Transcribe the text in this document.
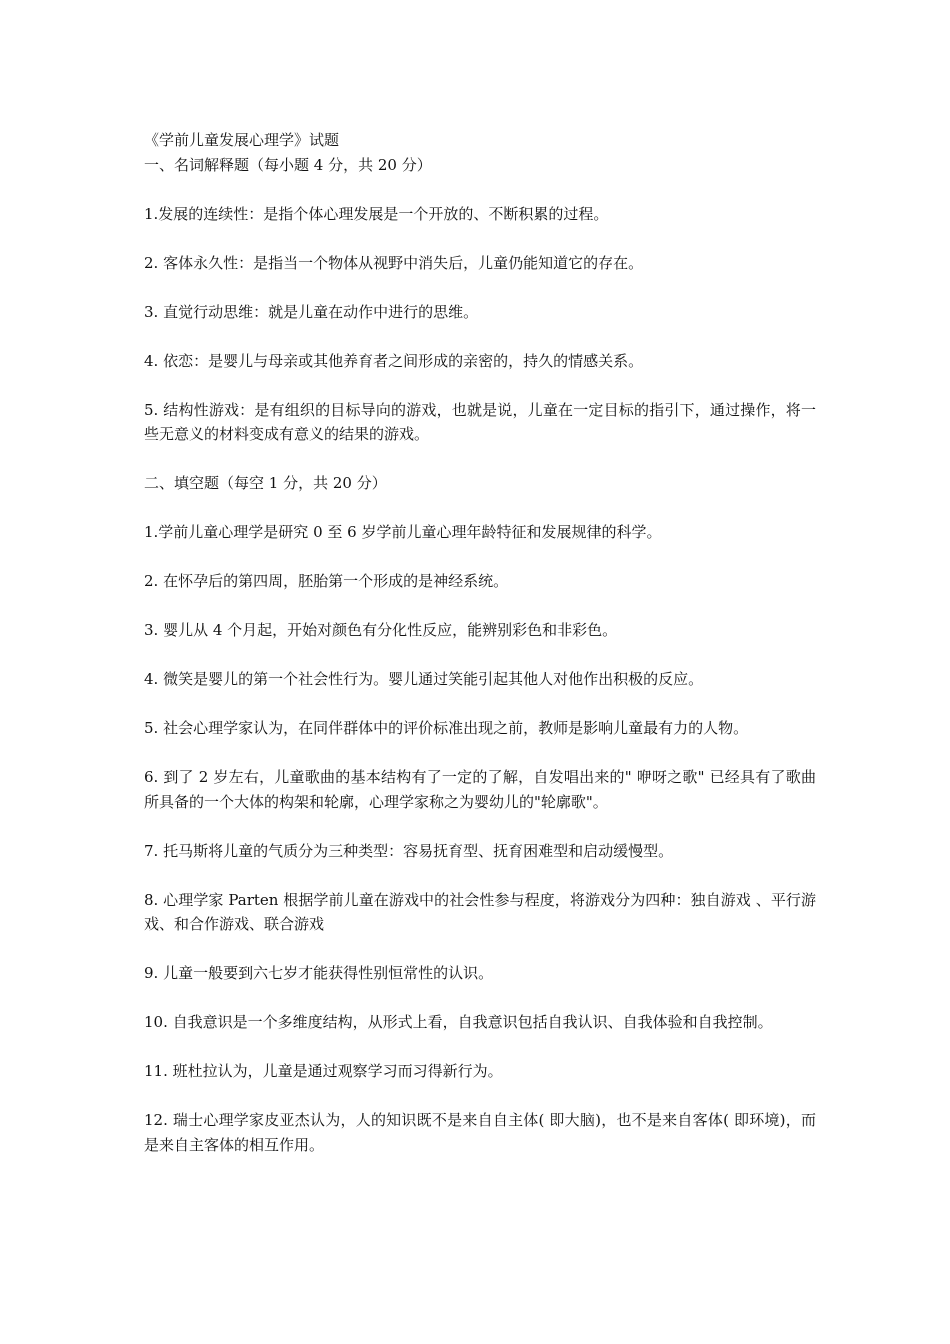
《学前儿童发展心理学》试题

一、名词解释题（每小题 4 分，共 20 分）

1.发展的连续性：是指个体心理发展是一个开放的、不断积累的过程。

2. 客体永久性：是指当一个物体从视野中消失后，儿童仍能知道它的存在。

3. 直觉行动思维：就是儿童在动作中进行的思维。

4. 依恋：是婴儿与母亲或其他养育者之间形成的亲密的，持久的情感关系。

5. 结构性游戏：是有组织的目标导向的游戏，也就是说，儿童在一定目标的指引下，通过操作，将一些无意义的材料变成有意义的结果的游戏。

二、填空题（每空 1 分，共 20 分）

1.学前儿童心理学是研究 0 至 6 岁学前儿童心理年龄特征和发展规律的科学。

2. 在怀孕后的第四周，胚胎第一个形成的是神经系统。

3. 婴儿从 4 个月起，开始对颜色有分化性反应，能辨别彩色和非彩色。

4. 微笑是婴儿的第一个社会性行为。婴儿通过笑能引起其他人对他作出积极的反应。

5. 社会心理学家认为，在同伴群体中的评价标准出现之前，教师是影响儿童最有力的人物。

6. 到了 2 岁左右，儿童歌曲的基本结构有了一定的了解，自发唱出来的" 咿呀之歌" 已经具有了歌曲所具备的一个大体的构架和轮廓，心理学家称之为婴幼儿的"轮廓歌"。

7. 托马斯将儿童的气质分为三种类型：容易抚育型、抚育困难型和启动缓慢型。

8. 心理学家 Parten 根据学前儿童在游戏中的社会性参与程度，将游戏分为四种：独自游戏 、平行游戏、和合作游戏、联合游戏

9. 儿童一般要到六七岁才能获得性别恒常性的认识。

10. 自我意识是一个多维度结构，从形式上看，自我意识包括自我认识、自我体验和自我控制。

11. 班杜拉认为，儿童是通过观察学习而习得新行为。

12. 瑞士心理学家皮亚杰认为，人的知识既不是来自自主体( 即大脑)，也不是来自客体( 即环境)，而是来自主客体的相互作用。
